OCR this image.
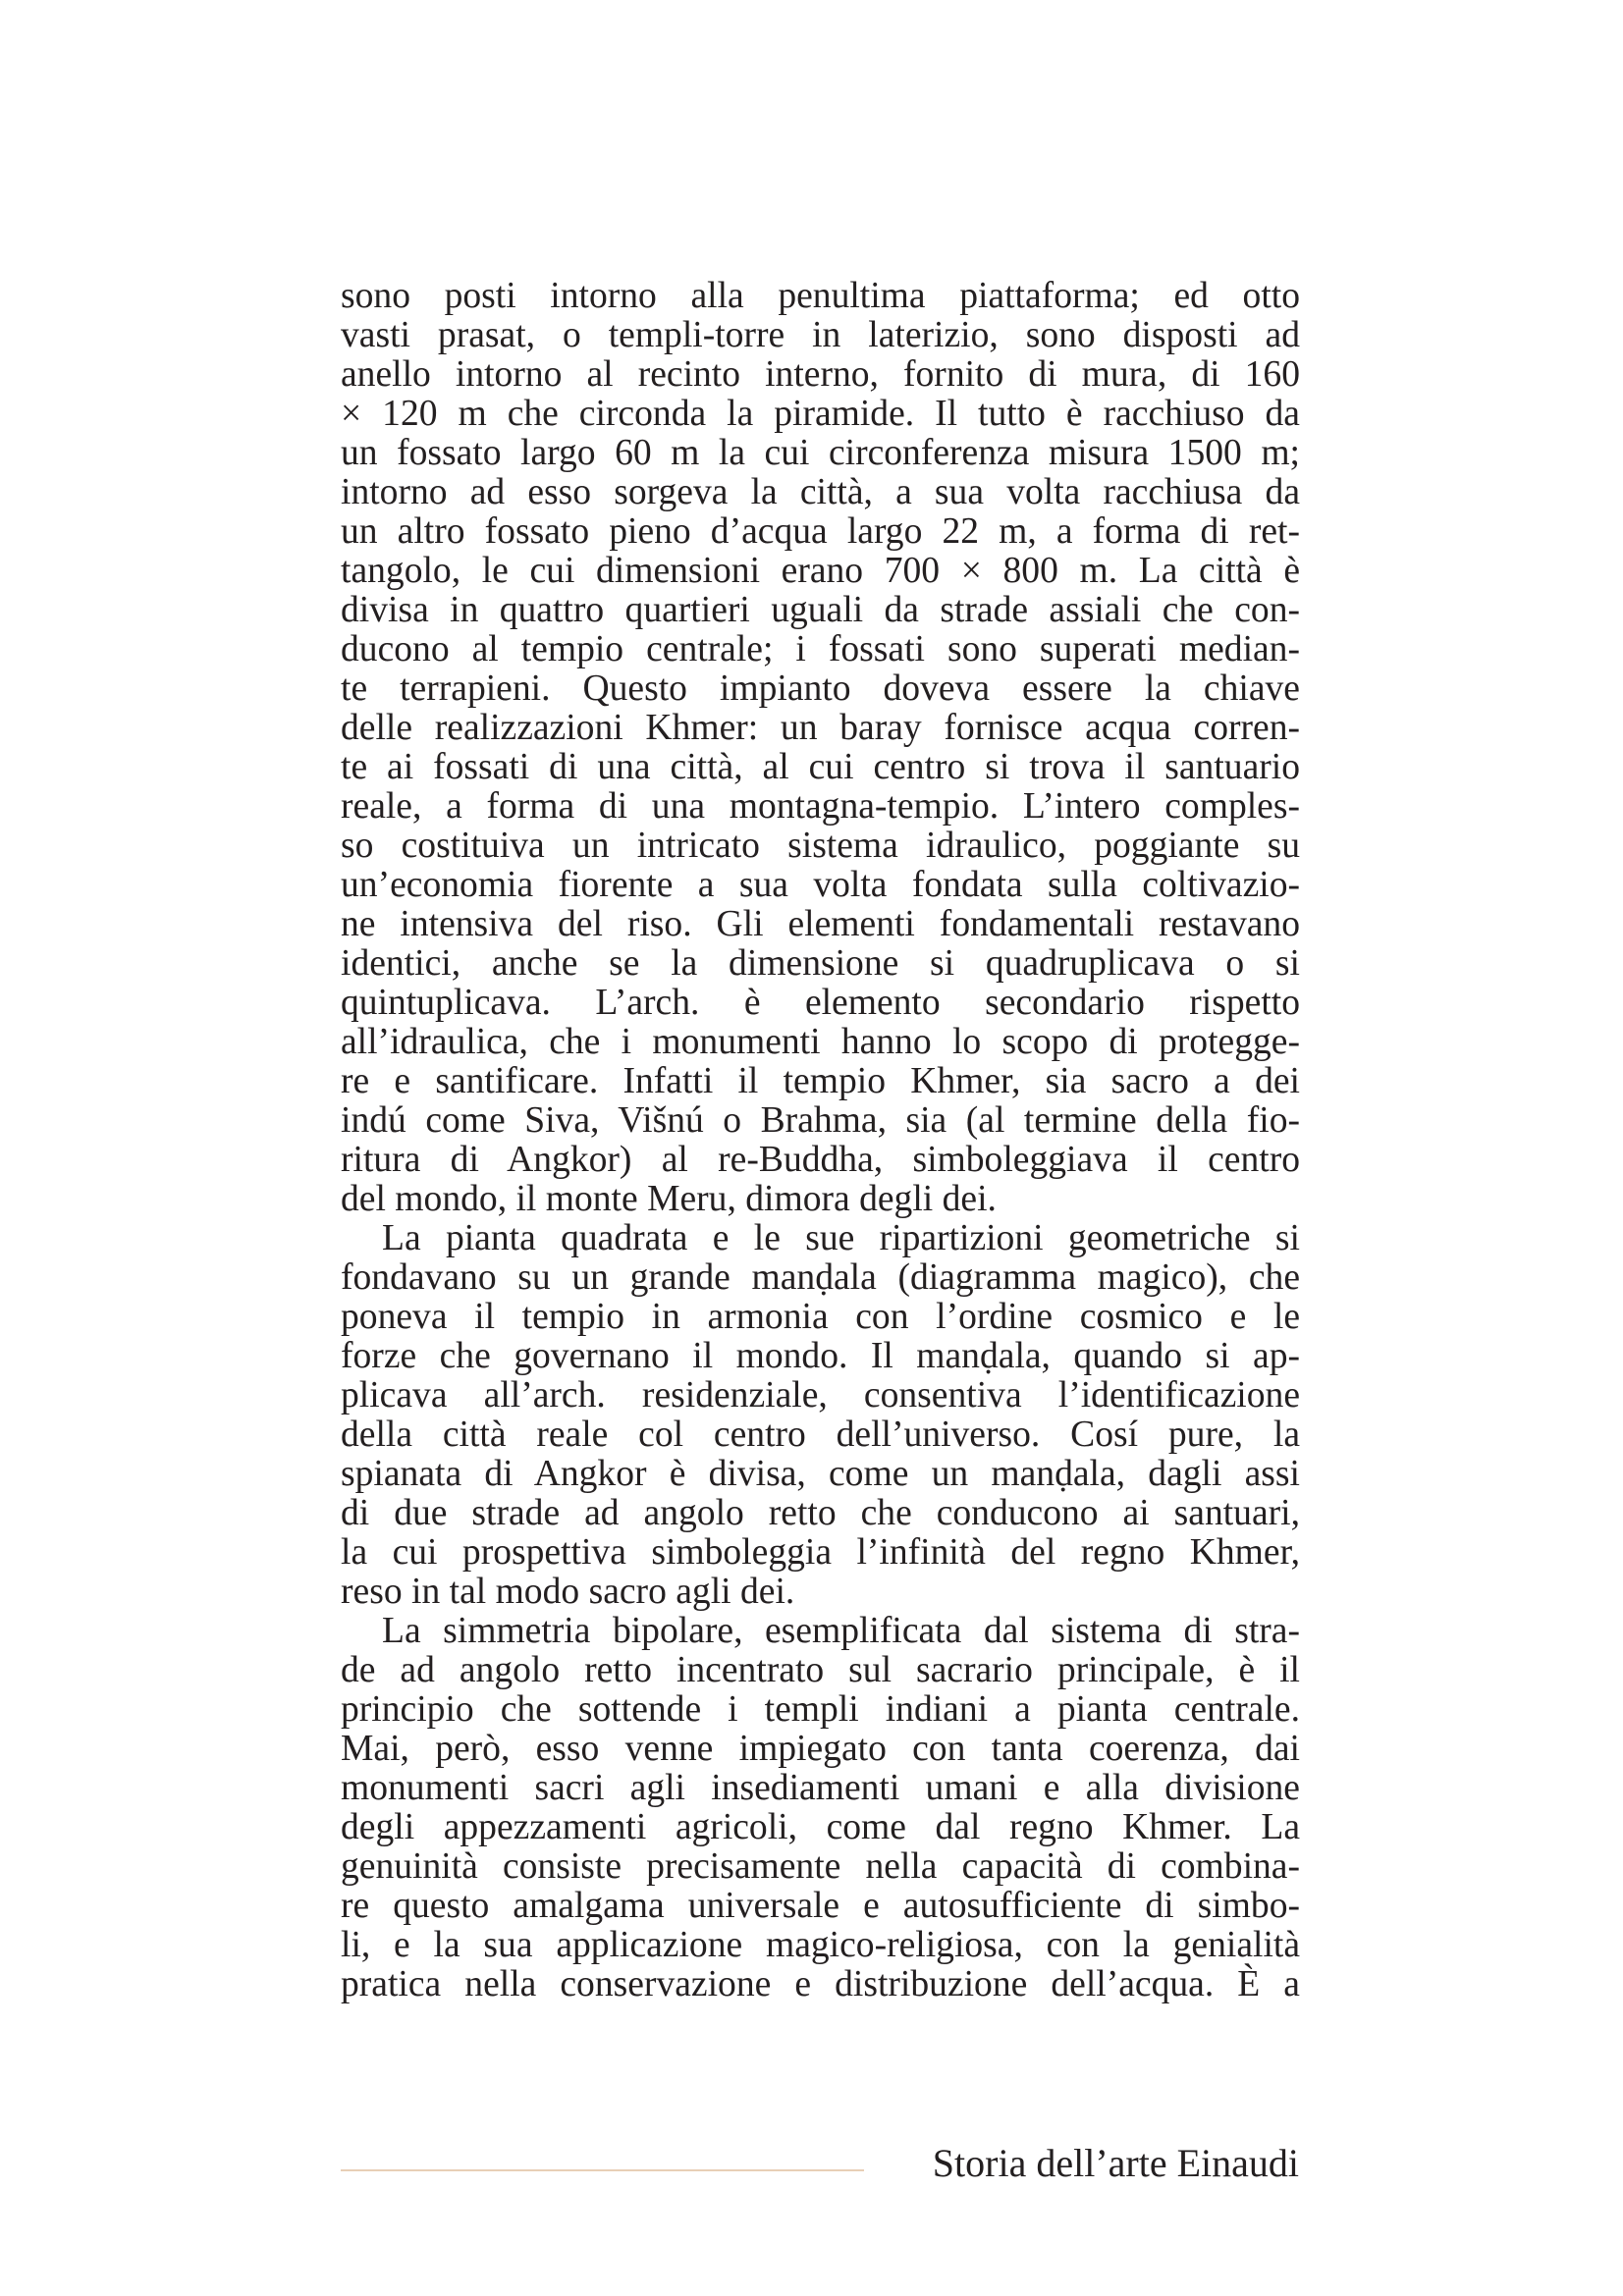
sono posti intorno alla penultima piattaforma; ed otto
vasti prasat, o templi-torre in laterizio, sono disposti ad
anello intorno al recinto interno, fornito di mura, di 160
× 120 m che circonda la piramide. Il tutto è racchiuso da
un fossato largo 60 m la cui circonferenza misura 1500 m;
intorno ad esso sorgeva la città, a sua volta racchiusa da
un altro fossato pieno d’acqua largo 22 m, a forma di ret-
tangolo, le cui dimensioni erano 700 × 800 m. La città è
divisa in quattro quartieri uguali da strade assiali che con-
ducono al tempio centrale; i fossati sono superati median-
te terrapieni. Questo impianto doveva essere la chiave
delle realizzazioni Khmer: un baray fornisce acqua corren-
te ai fossati di una città, al cui centro si trova il santuario
reale, a forma di una montagna-tempio. L’intero comples-
so costituiva un intricato sistema idraulico, poggiante su
un’economia fiorente a sua volta fondata sulla coltivazio-
ne intensiva del riso. Gli elementi fondamentali restavano
identici, anche se la dimensione si quadruplicava o si
quintuplicava. L’arch. è elemento secondario rispetto
all’idraulica, che i monumenti hanno lo scopo di protegge-
re e santificare. Infatti il tempio Khmer, sia sacro a dei
indú come Siva, Višnú o Brahma, sia (al termine della fio-
ritura di Angkor) al re-Buddha, simboleggiava il centro
del mondo, il monte Meru, dimora degli dei.
La pianta quadrata e le sue ripartizioni geometriche si
fondavano su un grande manḍala (diagramma magico), che
poneva il tempio in armonia con l’ordine cosmico e le
forze che governano il mondo. Il manḍala, quando si ap-
plicava all’arch. residenziale, consentiva l’identificazione
della città reale col centro dell’universo. Cosí pure, la
spianata di Angkor è divisa, come un manḍala, dagli assi
di due strade ad angolo retto che conducono ai santuari,
la cui prospettiva simboleggia l’infinità del regno Khmer,
reso in tal modo sacro agli dei.
La simmetria bipolare, esemplificata dal sistema di stra-
de ad angolo retto incentrato sul sacrario principale, è il
principio che sottende i templi indiani a pianta centrale.
Mai, però, esso venne impiegato con tanta coerenza, dai
monumenti sacri agli insediamenti umani e alla divisione
degli appezzamenti agricoli, come dal regno Khmer. La
genuinità consiste precisamente nella capacità di combina-
re questo amalgama universale e autosufficiente di simbo-
li, e la sua applicazione magico-religiosa, con la genialità
pratica nella conservazione e distribuzione dell’acqua. È a
Storia dell’arte Einaudi
